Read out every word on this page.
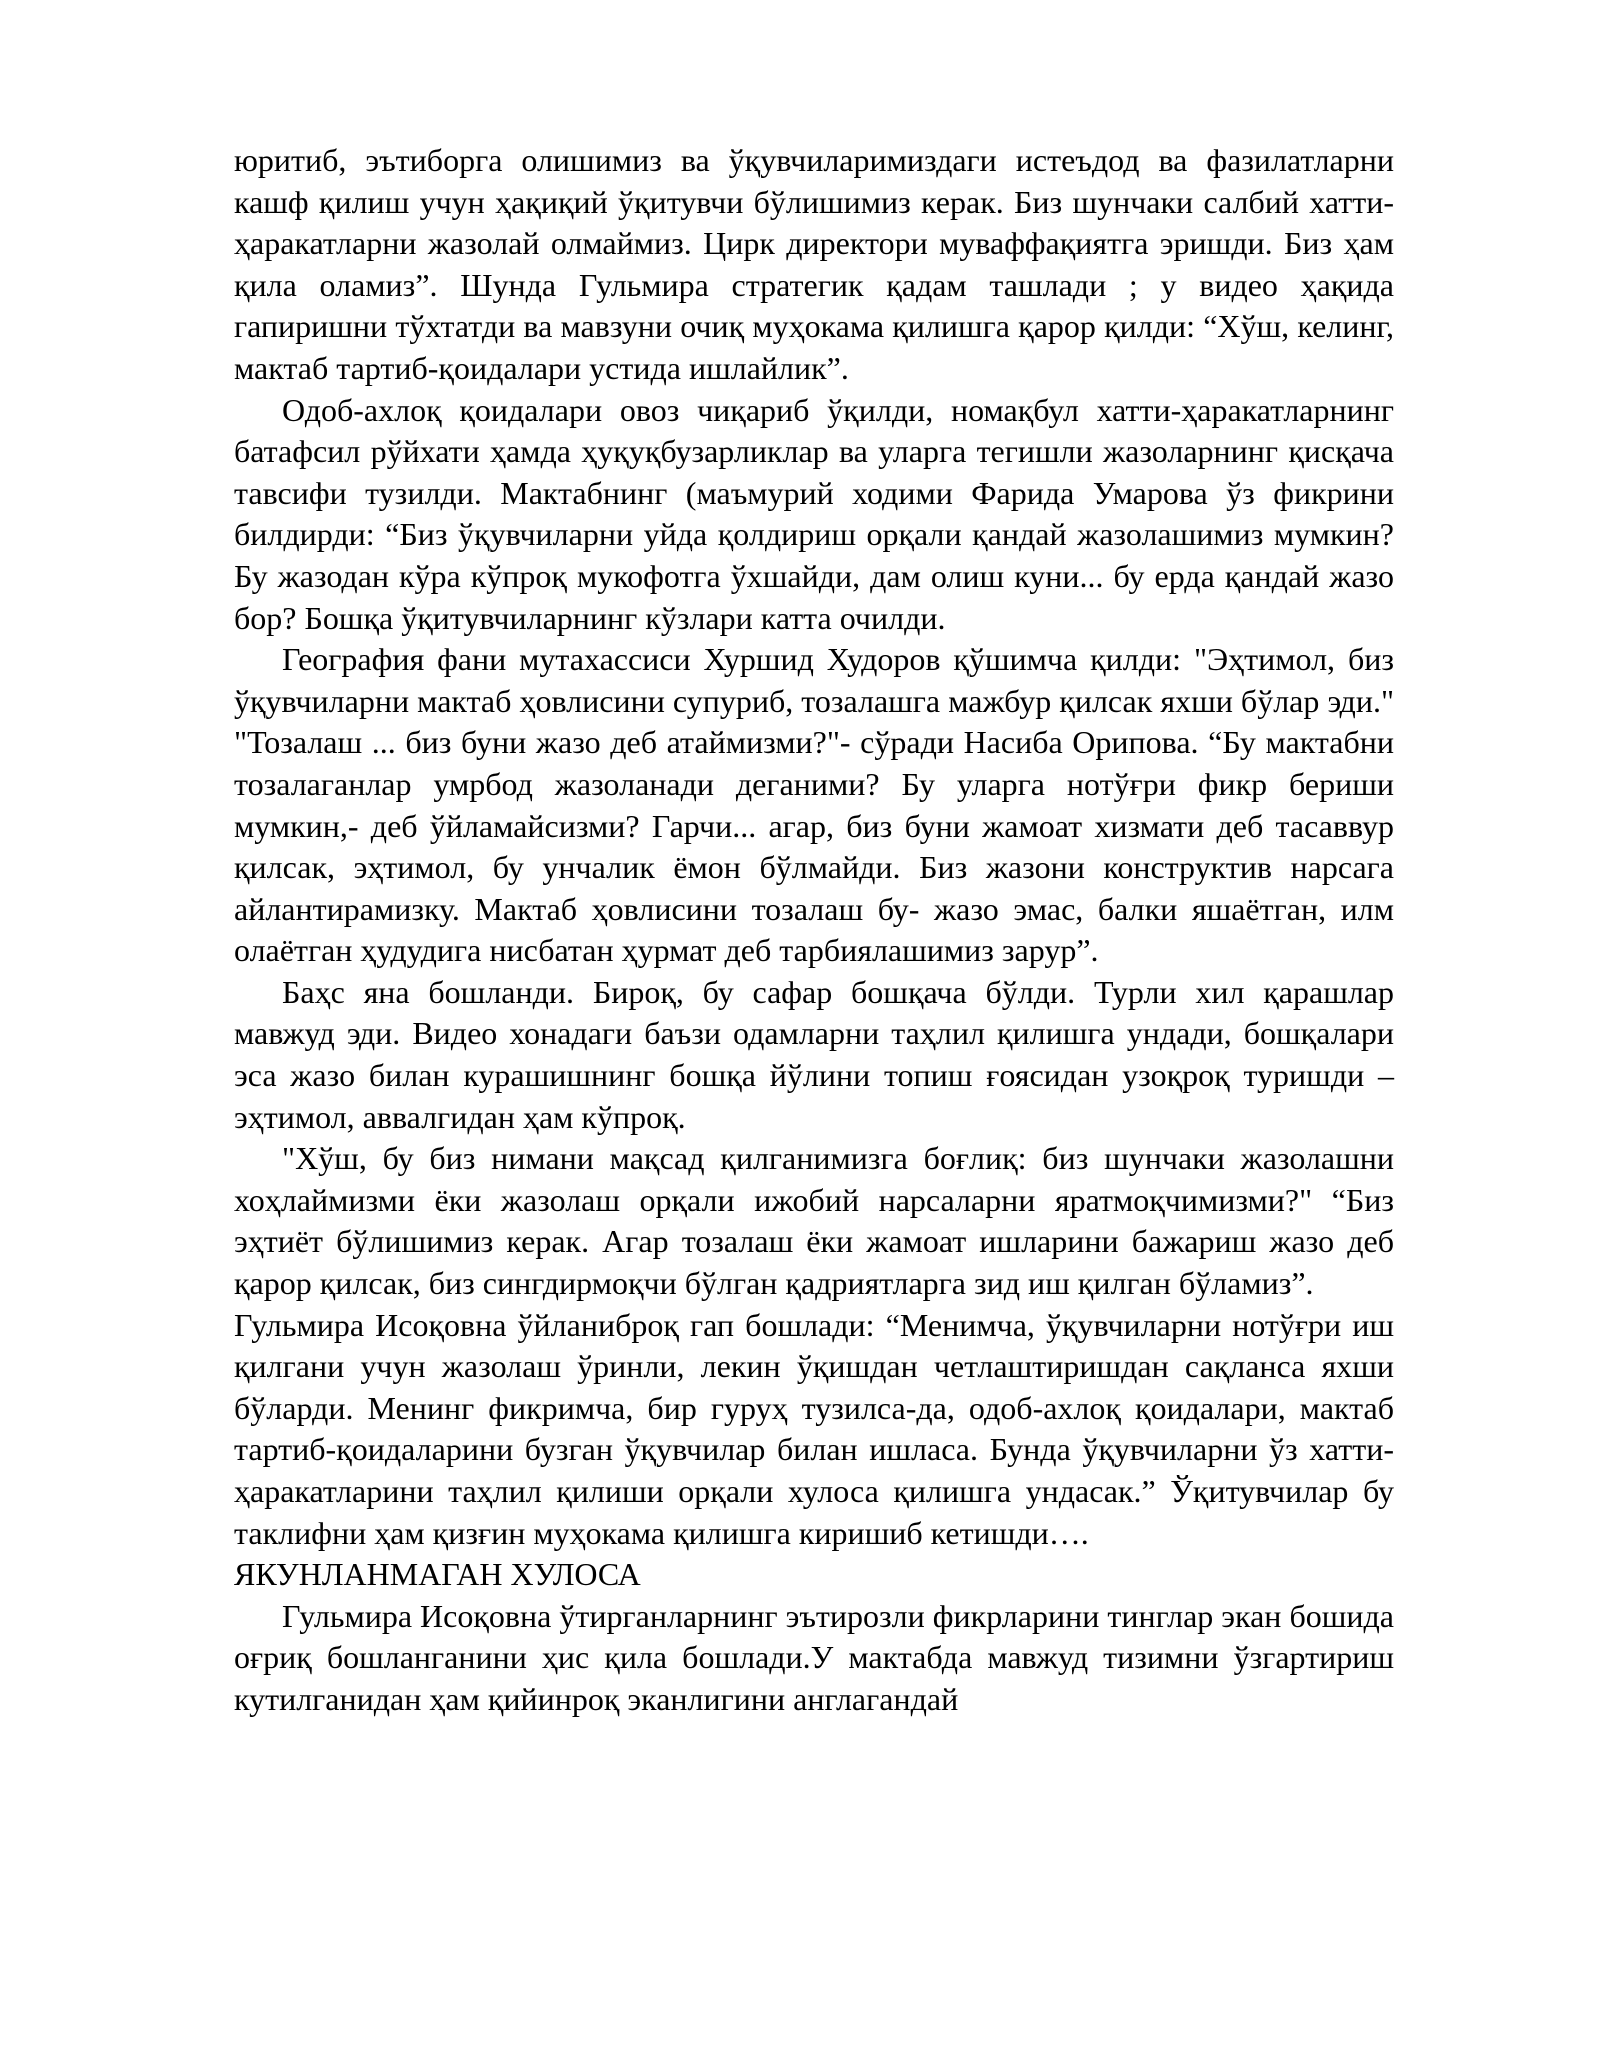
юритиб, эътиборга олишимиз ва ўқувчиларимиздаги истеъдод ва фазилатларни кашф қилиш учун ҳақиқий ўқитувчи бўлишимиз керак. Биз шунчаки салбий хатти-ҳаракатларни жазолай олмаймиз. Цирк директори муваффақиятга эришди. Биз ҳам қила оламиз”. Шунда Гульмира стратегик қадам ташлади ; у видео ҳақида гапиришни тўхтатди ва мавзуни очиқ муҳокама қилишга қарор қилди: “Хўш, келинг, мактаб тартиб-қоидалари устида ишлайлик”.

Одоб-ахлоқ қоидалари овоз чиқариб ўқилди, номақбул хатти-ҳаракатларнинг батафсил рўйхати ҳамда ҳуқуқбузарликлар ва уларга тегишли жазоларнинг қисқача тавсифи тузилди. Мактабнинг (маъмурий ходими Фарида Умарова ўз фикрини билдирди: “Биз ўқувчиларни уйда қолдириш орқали қандай жазолашимиз мумкин? Бу жазодан кўра кўпроқ мукофотга ўхшайди, дам олиш куни... бу ерда қандай жазо бор? Бошқа ўқитувчиларнинг кўзлари катта очилди.

География фани мутахассиси Хуршид Худоров қўшимча қилди: "Эҳтимол, биз ўқувчиларни мактаб ҳовлисини супуриб, тозалашга мажбур қилсак яхши бўлар эди." "Тозалаш ... биз буни жазо деб атаймизми?"- сўради Насиба Орипова. “Бу мактабни тозалаганлар умрбод жазоланади деганими? Бу уларга нотўғри фикр бериши мумкин,- деб ўйламайсизми? Гарчи... агар, биз буни жамоат хизмати деб тасаввур қилсак, эҳтимол, бу унчалик ёмон бўлмайди. Биз жазони конструктив нарсага айлантирамизку. Мактаб ҳовлисини тозалаш бу- жазо эмас, балки яшаётган, илм олаётган ҳудудига нисбатан ҳурмат деб тарбиялашимиз зарур”.

Баҳс яна бошланди. Бироқ, бу сафар бошқача бўлди. Турли хил қарашлар мавжуд эди. Видео хонадаги баъзи одамларни таҳлил қилишга ундади, бошқалари эса жазо билан курашишнинг бошқа йўлини топиш ғоясидан узоқроқ туришди – эҳтимол, аввалгидан ҳам кўпроқ.

"Хўш, бу биз нимани мақсад қилганимизга боғлиқ: биз шунчаки жазолашни хоҳлаймизми ёки жазолаш орқали ижобий нарсаларни яратмоқчимизми?" “Биз эҳтиёт бўлишимиз керак. Агар тозалаш ёки жамоат ишларини бажариш жазо деб қарор қилсак, биз сингдирмоқчи бўлган қадриятларга зид иш қилган бўламиз”.

Гульмира Исоқовна ўйланиброқ гап бошлади: “Менимча, ўқувчиларни нотўғри иш қилгани учун жазолаш ўринли, лекин ўқишдан четлаштиришдан сақланса яхши бўларди. Менинг фикримча, бир гуруҳ тузилса-да, одоб-ахлоқ қоидалари, мактаб тартиб-қоидаларини бузган ўқувчилар билан ишласа. Бунда ўқувчиларни ўз хатти-ҳаракатларини таҳлил қилиши орқали хулоса қилишга ундасак.” Ўқитувчилар бу таклифни ҳам қизғин муҳокама қилишга киришиб кетишди….

ЯКУНЛАНМАГАН ХУЛОСА

Гульмира Исоқовна ўтирганларнинг эътирозли фикрларини тинглар экан бошида оғриқ бошланганини ҳис қила бошлади.У мактабда мавжуд тизимни ўзгартириш кутилганидан ҳам қийинроқ эканлигини англагандай
